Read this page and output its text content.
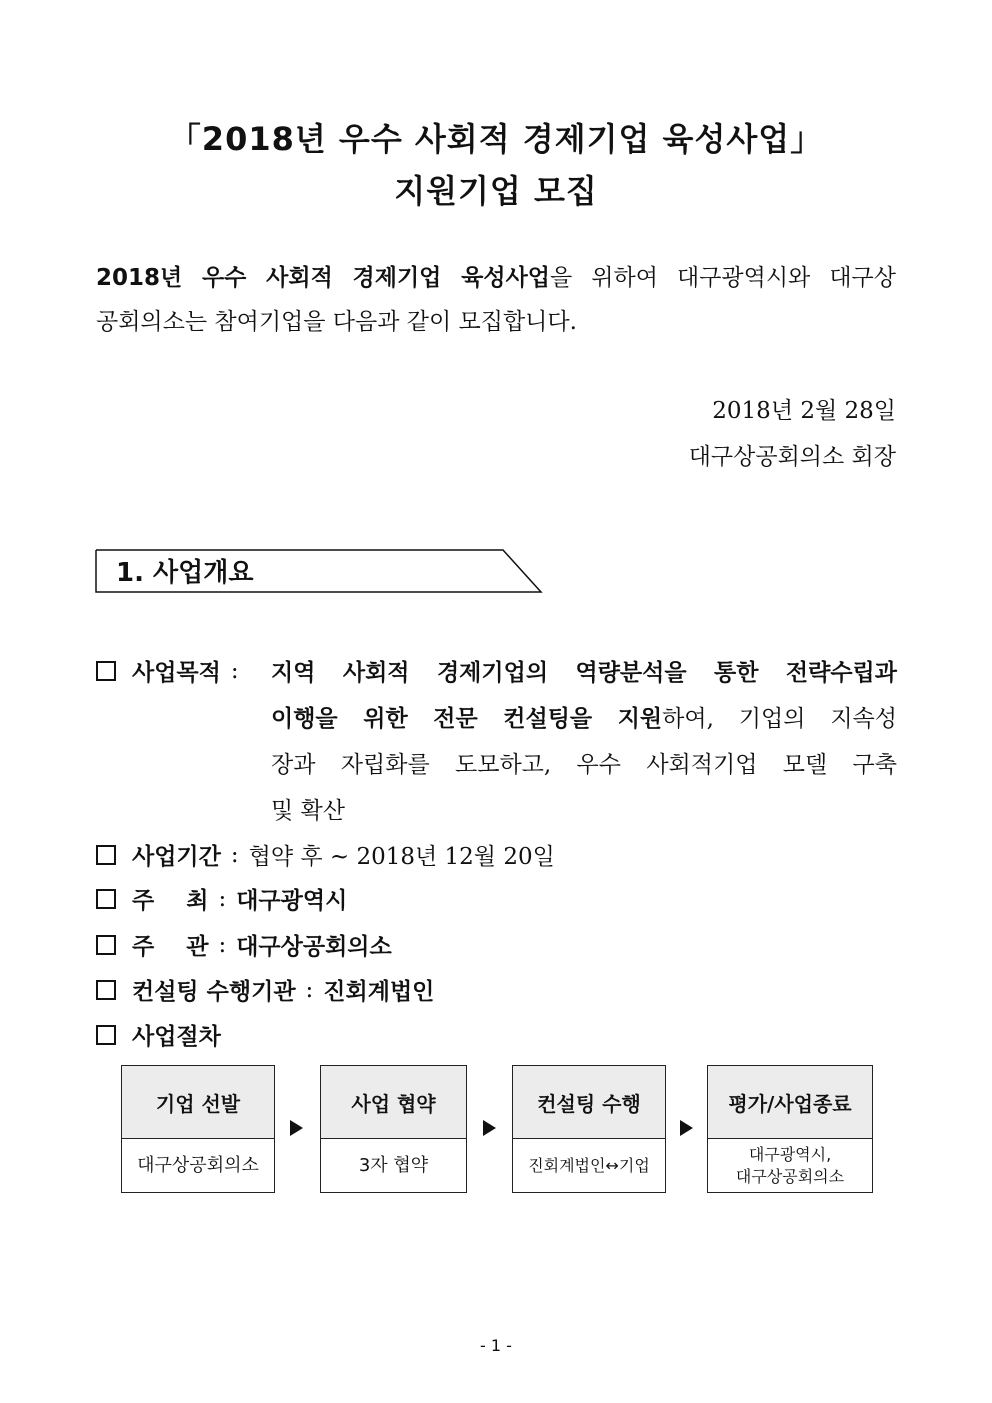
「2018년 우수 사회적 경제기업 육성사업」
지원기업 모집
2018년 우수 사회적 경제기업 육성사업을 위하여 대구광역시와 대구상
공회의소는 참여기업을 다음과 같이 모집합니다.
2018년 2월 28일
대구상공회의소 회장
1. 사업개요
사업목적 : 지역 사회적 경제기업의 역량분석을 통한 전략수립과
이행을 위한 전문 컨설팅을 지원하여, 기업의 지속성
장과 자립화를 도모하고, 우수 사회적기업 모델 구축
및 확산
사업기간 : 협약 후 ~ 2018년 12월 20일
주    최 : 대구광역시
주    관 : 대구상공회의소
컨설팅 수행기관 : 진회계법인
사업절차
기업 선발
대구상공회의소
사업 협약
3자 협약
컨설팅 수행
진회계법인↔기업
평가/사업종료
대구광역시,
대구상공회의소
- 1 -
